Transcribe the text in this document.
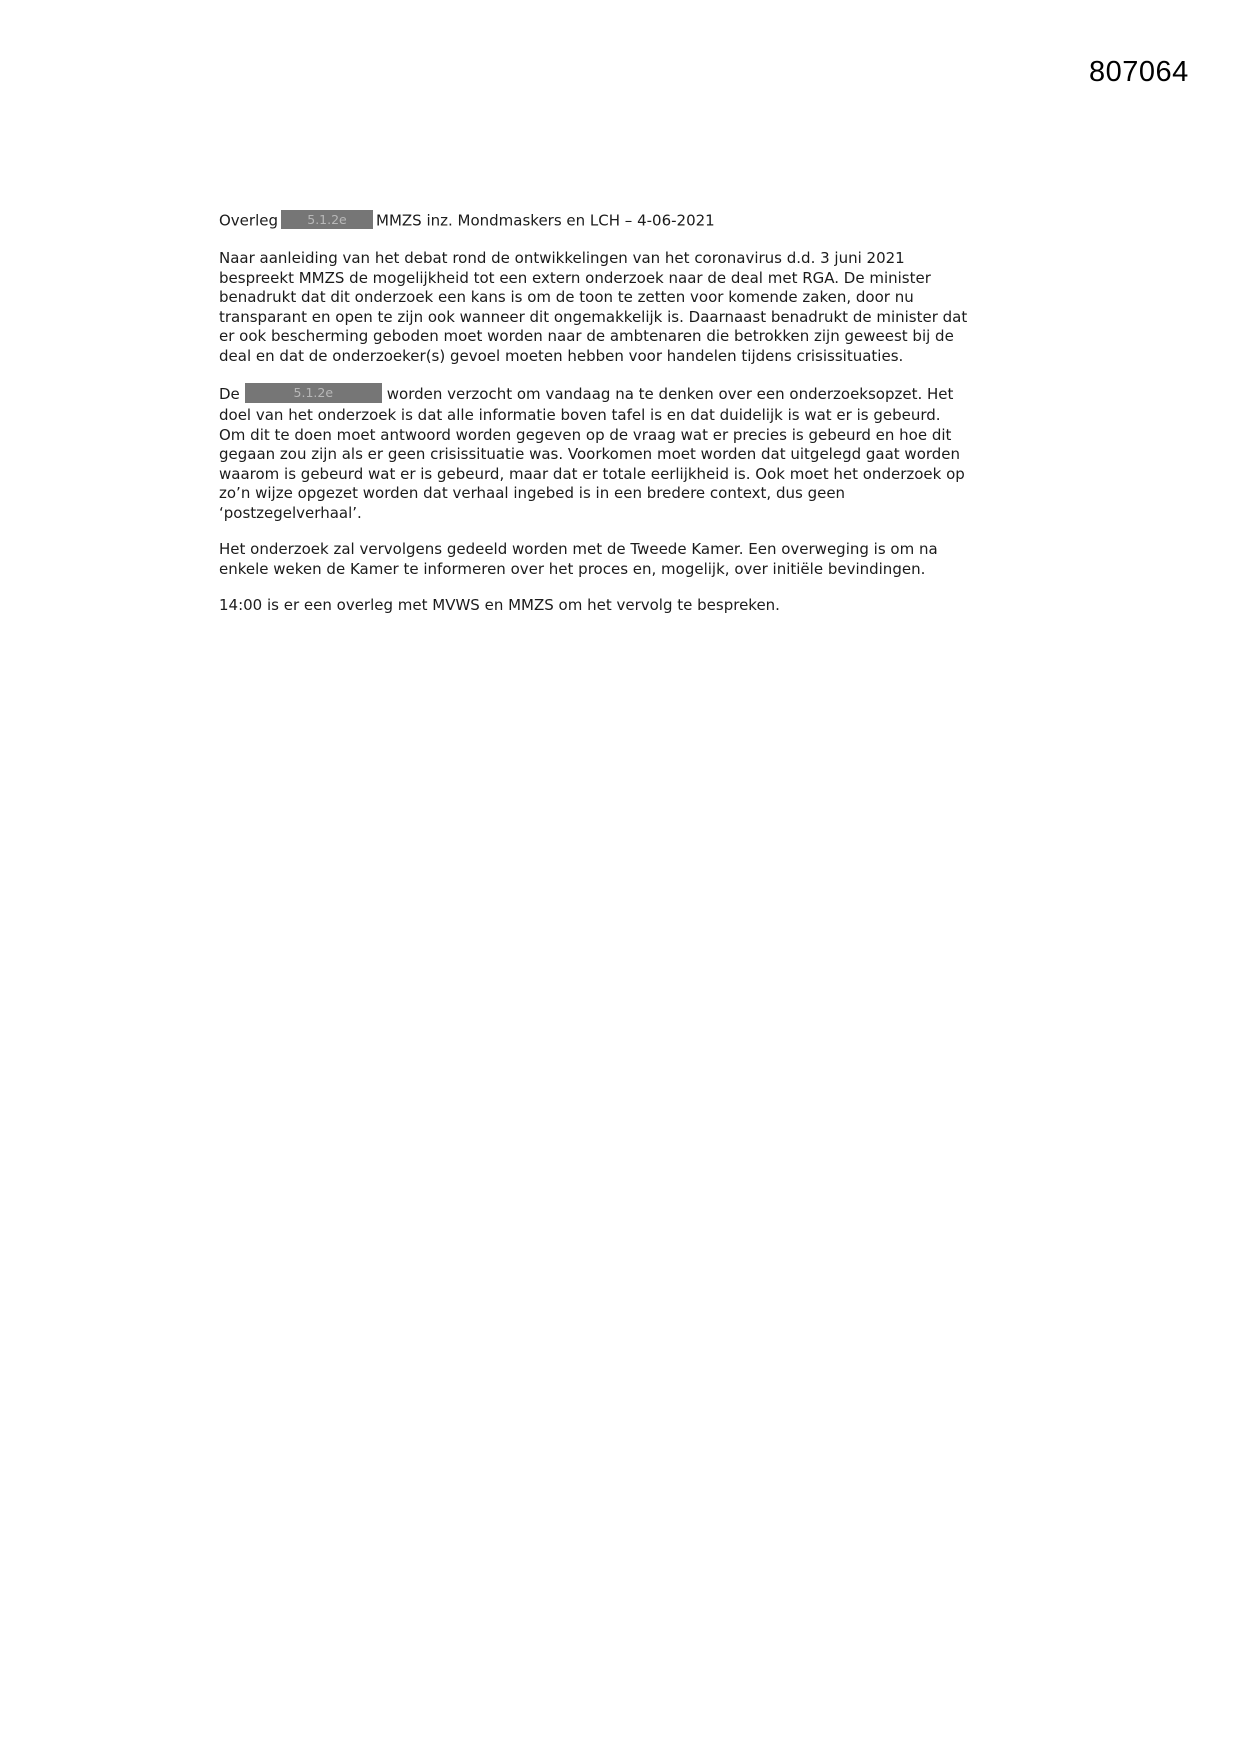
807064

Overleg 5.1.2e MMZS inz. Mondmaskers en LCH – 4-06-2021

Naar aanleiding van het debat rond de ontwikkelingen van het coronavirus d.d. 3 juni 2021 bespreekt MMZS de mogelijkheid tot een extern onderzoek naar de deal met RGA. De minister benadrukt dat dit onderzoek een kans is om de toon te zetten voor komende zaken, door nu transparant en open te zijn ook wanneer dit ongemakkelijk is. Daarnaast benadrukt de minister dat er ook bescherming geboden moet worden naar de ambtenaren die betrokken zijn geweest bij de deal en dat de onderzoeker(s) gevoel moeten hebben voor handelen tijdens crisissituaties.

De	5.1.2e	worden verzocht om vandaag na te denken over een onderzoeksopzet. Het doel van het onderzoek is dat alle informatie boven tafel is en dat duidelijk is wat er is gebeurd. Om dit te doen moet antwoord worden gegeven op de vraag wat er precies is gebeurd en hoe dit gegaan zou zijn als er geen crisissituatie was. Voorkomen moet worden dat uitgelegd gaat worden waarom is gebeurd wat er is gebeurd, maar dat er totale eerlijkheid is. Ook moet het onderzoek op zo’n wijze opgezet worden dat verhaal ingebed is in een bredere context, dus geen ‘postzegelverhaal’.

Het onderzoek zal vervolgens gedeeld worden met de Tweede Kamer. Een overweging is om na enkele weken de Kamer te informeren over het proces en, mogelijk, over initiële bevindingen.

14:00 is er een overleg met MVWS en MMZS om het vervolg te bespreken.
